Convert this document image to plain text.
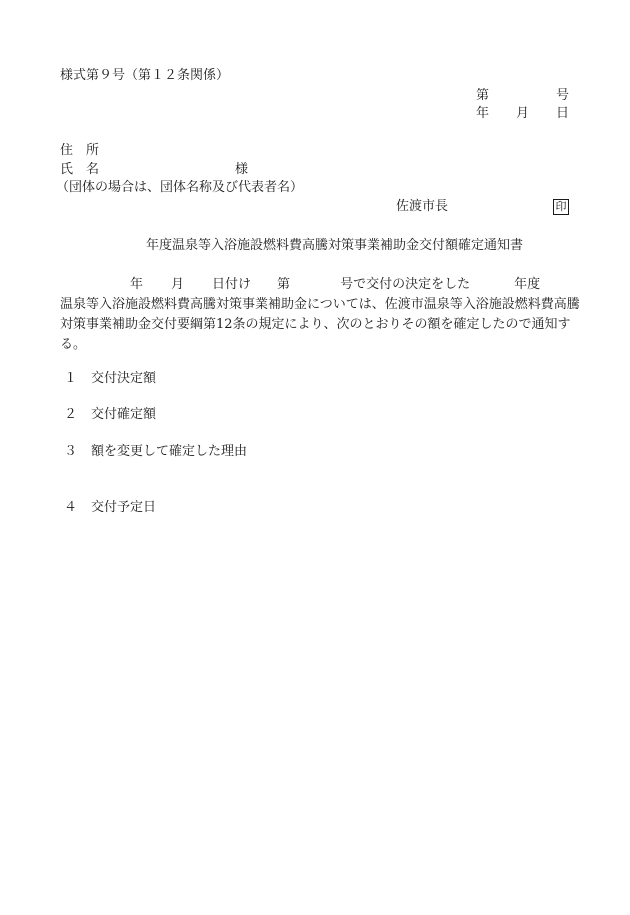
様式第９号（第１２条関係）
第	号
年 月 日
住　所
氏　名	様
（団体の場合は、団体名称及び代表者名）
佐渡市長	印
年度温泉等入浴施設燃料費高騰対策事業補助金交付額確定通知書
年 月 日付け 第	号で交付の決定をした	年度
温泉等入浴施設燃料費高騰対策事業補助金については、佐渡市温泉等入浴施設燃料費高騰対策事業補助金交付要綱第12条の規定により、次のとおりその額を確定したので通知する。
１ 交付決定額
２ 交付確定額
３ 額を変更して確定した理由
４ 交付予定日
